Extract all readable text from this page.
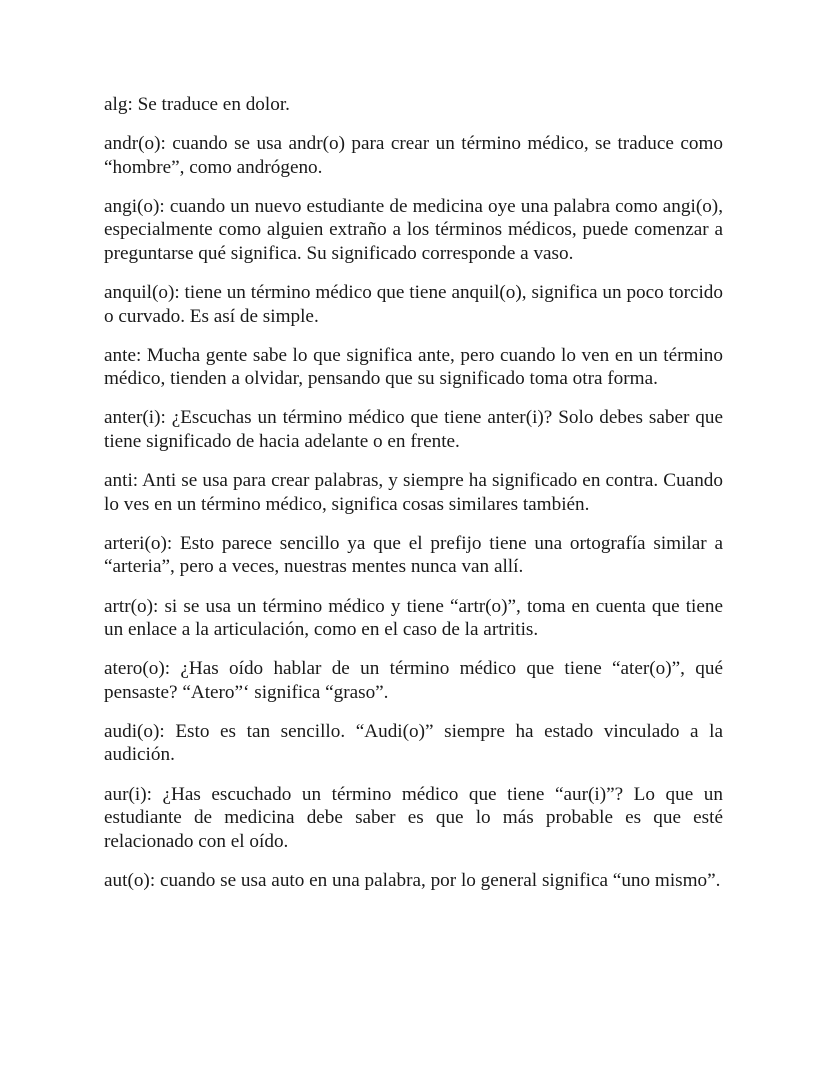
alg: Se traduce en dolor.

andr(o): cuando se usa andr(o) para crear un término médico, se traduce como “hombre”, como andrógeno.

angi(o): cuando un nuevo estudiante de medicina oye una palabra como angi(o), especialmente como alguien extraño a los términos médicos, puede comenzar a preguntarse qué significa. Su significado corresponde a vaso.

anquil(o): tiene un término médico que tiene anquil(o), significa un poco torcido o curvado. Es así de simple.

ante: Mucha gente sabe lo que significa ante, pero cuando lo ven en un término médico, tienden a olvidar, pensando que su significado toma otra forma.

anter(i): ¿Escuchas un término médico que tiene anter(i)? Solo debes saber que tiene significado de hacia adelante o en frente.

anti: Anti se usa para crear palabras, y siempre ha significado en contra. Cuando lo ves en un término médico, significa cosas similares también.

arteri(o): Esto parece sencillo ya que el prefijo tiene una ortografía similar a “arteria”, pero a veces, nuestras mentes nunca van allí.

artr(o): si se usa un término médico y tiene “artr(o)”, toma en cuenta que tiene un enlace a la articulación, como en el caso de la artritis.

atero(o): ¿Has oído hablar de un término médico que tiene “ater(o)”, qué pensaste? “Atero”‘ significa “graso”.

audi(o): Esto es tan sencillo. “Audi(o)” siempre ha estado vinculado a la audición.

aur(i): ¿Has escuchado un término médico que tiene “aur(i)”? Lo que un estudiante de medicina debe saber es que lo más probable es que esté relacionado con el oído.

aut(o): cuando se usa auto en una palabra, por lo general significa “uno mismo”.
